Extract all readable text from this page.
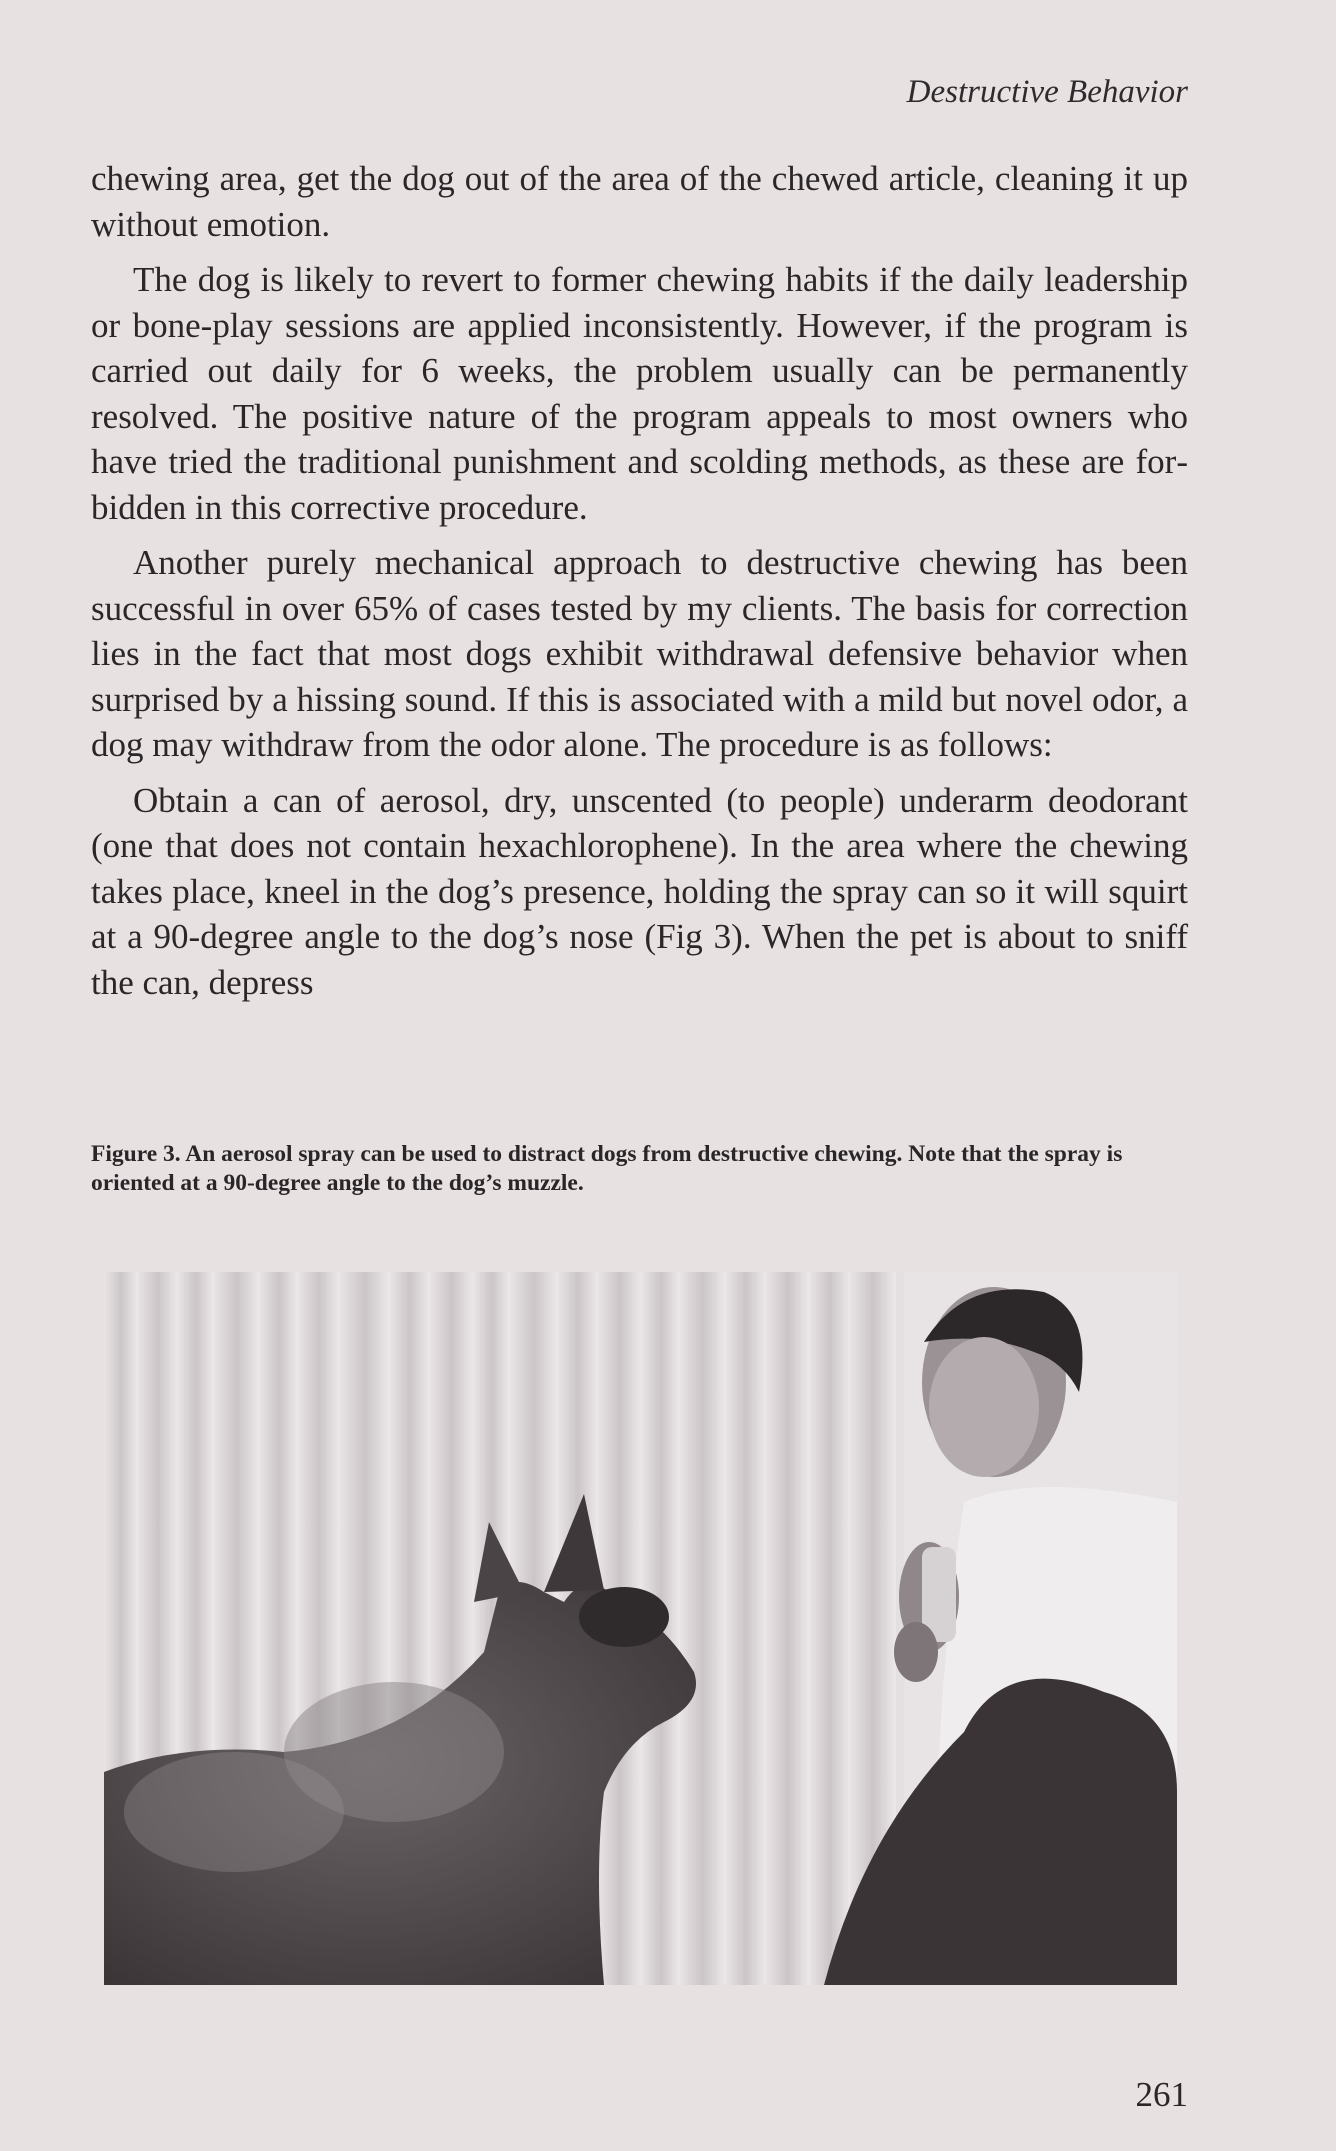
Destructive Behavior

chewing area, get the dog out of the area of the chewed article, cleaning it up without emotion.

The dog is likely to revert to former chewing habits if the daily leadership or bone-play sessions are applied inconsistently. However, if the program is carried out daily for 6 weeks, the problem usually can be permanently resolved. The positive nature of the program appeals to most owners who have tried the traditional punishment and scolding methods, as these are forbidden in this corrective procedure.

Another purely mechanical approach to destructive chewing has been successful in over 65% of cases tested by my clients. The basis for correction lies in the fact that most dogs exhibit withdrawal defensive behavior when surprised by a hissing sound. If this is associated with a mild but novel odor, a dog may withdraw from the odor alone. The procedure is as follows:

Obtain a can of aerosol, dry, unscented (to people) underarm deodorant (one that does not contain hexachlorophene). In the area where the chewing takes place, kneel in the dog’s presence, holding the spray can so it will squirt at a 90-degree angle to the dog’s nose (Fig 3). When the pet is about to sniff the can, depress

Figure 3. An aerosol spray can be used to distract dogs from destructive chewing. Note that the spray is oriented at a 90-degree angle to the dog’s muzzle.
261
